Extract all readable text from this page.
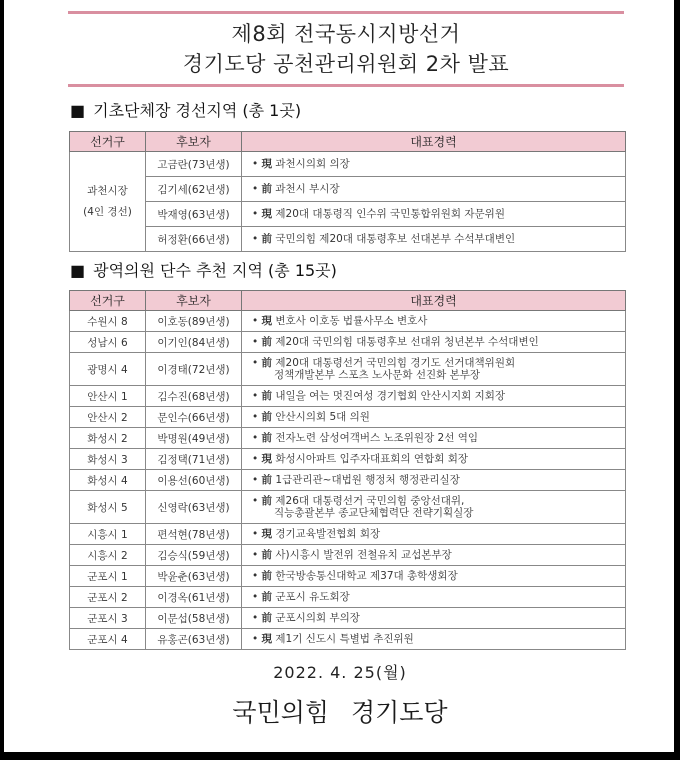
제8회 전국동시지방선거
경기도당 공천관리위원회 2차 발표
■ 기초단체장 경선지역 (총 1곳)
선거구	후보자	대표경력

과천시장
(4인 경선)	고금란(73년생)	• 現 과천시의회 의장

	김기세(62년생)	• 前 과천시 부시장

	박재영(63년생)	• 現 제20대 대통령직 인수위 국민통합위원회 자문위원

	허정환(66년생)	• 前 국민의힘 제20대 대통령후보 선대본부 수석부대변인
■ 광역의원 단수 추천 지역 (총 15곳)
선거구	후보자	대표경력
수원시 8	이호동(89년생)	• 現 변호사 이호동 법률사무소 변호사

성남시 6	이기인(84년생)	• 前 제20대 국민의힘 대통령후보 선대위 청년본부 수석대변인

광명시 4	이경태(72년생)	• 前 제20대 대통령선거 국민의힘 경기도 선거대책위원회
정책개발본부 스포츠 노사문화 선진화 본부장

안산시 1	김수진(68년생)	• 前 내일을 여는 멋진여성 경기협회 안산시지회 지회장

안산시 2	문인수(66년생)	• 前 안산시의회 5대 의원

화성시 2	박명원(49년생)	• 前 전자노련 삼성여객버스 노조위원장 2선 역임

화성시 3	김정택(71년생)	• 現 화성시아파트 입주자대표회의 연합회 회장

화성시 4	이용선(60년생)	• 前 1급관리관~대법원 행정처 행정관리실장

화성시 5	신영락(63년생)	• 前 제26대 대통령선거 국민의힘 중앙선대위,
직능총괄본부 종교단체협력단 전략기획실장

시흥시 1	편석현(78년생)	• 現 경기교육발전협회 회장

시흥시 2	김승식(59년생)	• 前 사)시흥시 발전위 전철유치 교섭본부장

군포시 1	박윤춘(63년생)	• 前 한국방송통신대학교 제37대 총학생회장

군포시 2	이경옥(61년생)	• 前 군포시 유도회장

군포시 3	이문섭(58년생)	• 前 군포시의회 부의장

군포시 4	유홍곤(63년생)	• 現 제1기 신도시 특별법 추진위원
2022. 4. 25(월)
국민의힘 경기도당
